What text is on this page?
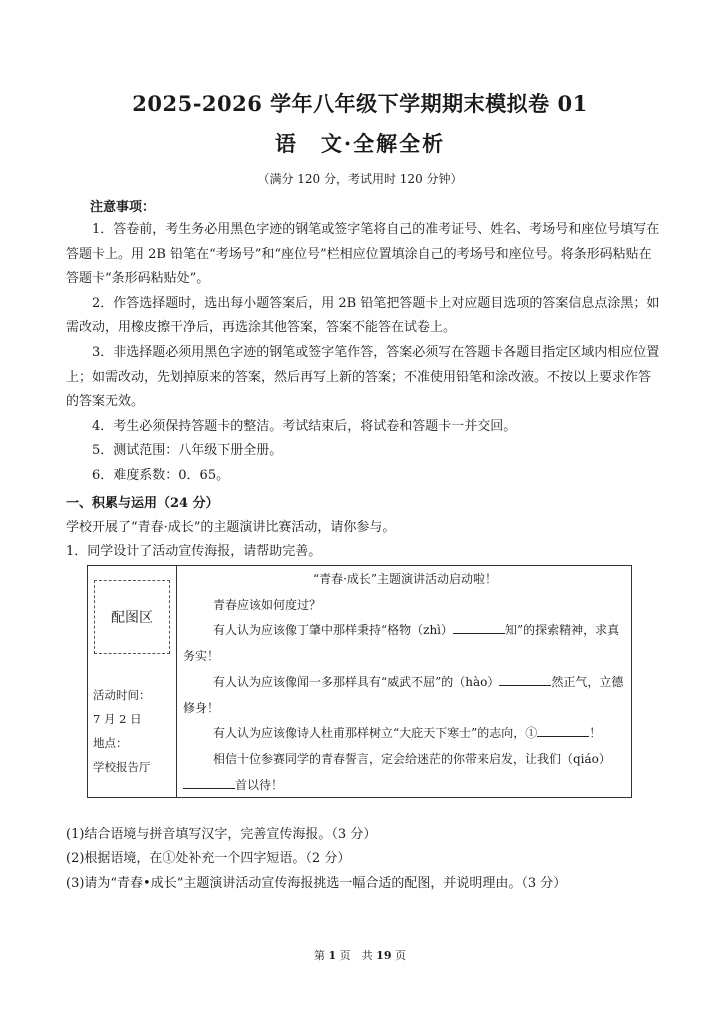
2025-2026 学年八年级下学期期末模拟卷 01
语　文·全解全析
（满分 120 分，考试用时 120 分钟）
注意事项：

1．答卷前，考生务必用黑色字迹的钢笔或签字笔将自己的准考证号、姓名、考场号和座位号填写在答题卡上。用 2B 铅笔在“考场号”和“座位号”栏相应位置填涂自己的考场号和座位号。将条形码粘贴在答题卡“条形码粘贴处”。

2．作答选择题时，选出每小题答案后，用 2B 铅笔把答题卡上对应题目选项的答案信息点涂黑；如需改动，用橡皮擦干净后，再选涂其他答案，答案不能答在试卷上。

3．非选择题必须用黑色字迹的钢笔或签字笔作答，答案必须写在答题卡各题目指定区域内相应位置上；如需改动，先划掉原来的答案，然后再写上新的答案；不准使用铅笔和涂改液。不按以上要求作答的答案无效。

4．考生必须保持答题卡的整洁。考试结束后，将试卷和答题卡一并交回。

5．测试范围：八年级下册全册。

6．难度系数：0．65。

一、积累与运用（24 分）
学校开展了“青春·成长”的主题演讲比赛活动，请你参与。
1．同学设计了活动宣传海报，请帮助完善。
配图区
活动时间：
7 月 2 日
地点：
学校报告厅

“青春·成长”主题演讲活动启动啦！

青春应该如何度过？

有人认为应该像丁肇中那样秉持“格物（zhì）	知”的探索精神，求真

务实！

有人认为应该像闻一多那样具有“威武不屈”的（hào）	然正气，立德

修身！

有人认为应该像诗人杜甫那样树立“大庇天下寒士”的志向，①	！

相信十位参赛同学的青春誓言，定会给迷茫的你带来启发，让我们（qiáo）

首以待！

(1)结合语境与拼音填写汉字，完善宣传海报。（3 分）
(2)根据语境，在①处补充一个四字短语。（2 分）
(3)请为“青春•成长”主题演讲活动宣传海报挑选一幅合适的配图，并说明理由。（3 分）
第 1 页　共 19 页
